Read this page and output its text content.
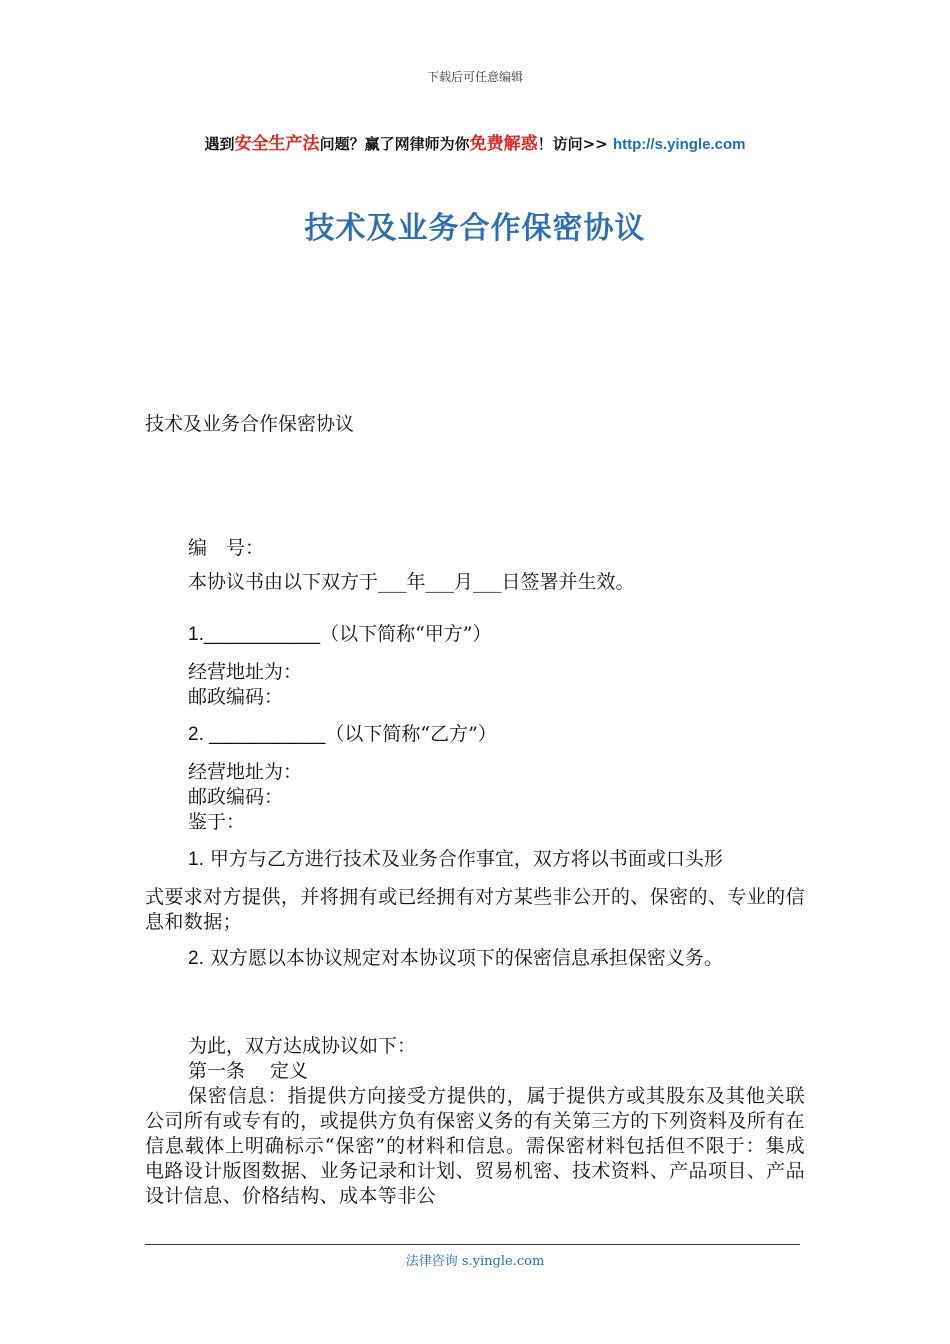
下载后可任意编辑
遇到安全生产法问题？赢了网律师为你免费解惑！访问>> http://s.yingle.com
技术及业务合作保密协议
技术及业务合作保密协议
编　号：
本协议书由以下双方于___年___月___日签署并生效。
1.___________（以下简称“甲方”）
经营地址为：
邮政编码：
2. ___________（以下简称“乙方”）
经营地址为：
邮政编码：
鉴于：
1. 甲方与乙方进行技术及业务合作事宜，双方将以书面或口头形
式要求对方提供，并将拥有或已经拥有对方某些非公开的、保密的、专业的信息和数据；
2. 双方愿以本协议规定对本协议项下的保密信息承担保密义务。
为此，双方达成协议如下：
第一条　 定义
保密信息：指提供方向接受方提供的，属于提供方或其股东及其他关联公司所有或专有的，或提供方负有保密义务的有关第三方的下列资料及所有在信息载体上明确标示“保密”的材料和信息。需保密材料包括但不限于：集成电路设计版图数据、业务记录和计划、贸易机密、技术资料、产品项目、产品设计信息、价格结构、成本等非公
法律咨询 s.yingle.com
